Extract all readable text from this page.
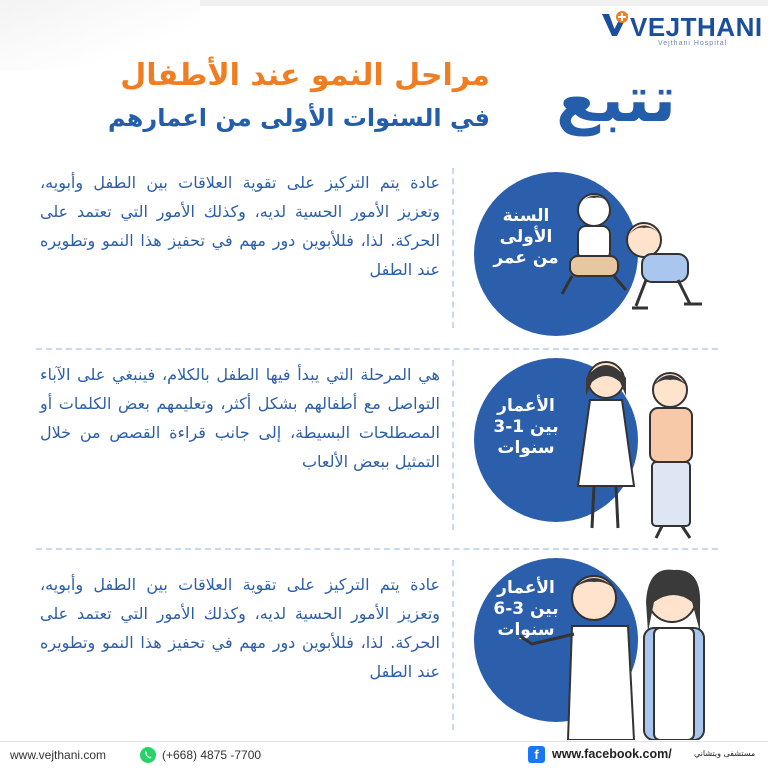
VEJTHANI
Vejthani Hospital
تتبع
مراحل النمو عند الأطفال
في السنوات الأولى من اعمارهم
عادة يتم التركيز على تقوية العلاقات بين الطفل وأبويه، وتعزيز الأمور الحسية لديه، وكذلك الأمور التي تعتمد على الحركة. لذا، فللأبوين دور مهم في تحفيز هذا النمو وتطويره عند الطفل
السنة
الأولى
من عمر
هي المرحلة التي يبدأ فيها الطفل بالكلام، فينبغي على الآباء التواصل مع أطفالهم بشكل أكثر، وتعليمهم بعض الكلمات أو المصطلحات البسيطة، إلى جانب قراءة القصص من خلال التمثيل ببعض الألعاب
الأعمار
بين 1-3
سنوات
عادة يتم التركيز على تقوية العلاقات بين الطفل وأبويه، وتعزيز الأمور الحسية لديه، وكذلك الأمور التي تعتمد على الحركة. لذا، فللأبوين دور مهم في تحفيز هذا النمو وتطويره عند الطفل
الأعمار
بين 3-6
سنوات
www.vejthani.com	(+668) 4875 -7700	f	www.facebook.com/	مستشفى ويتشاني
